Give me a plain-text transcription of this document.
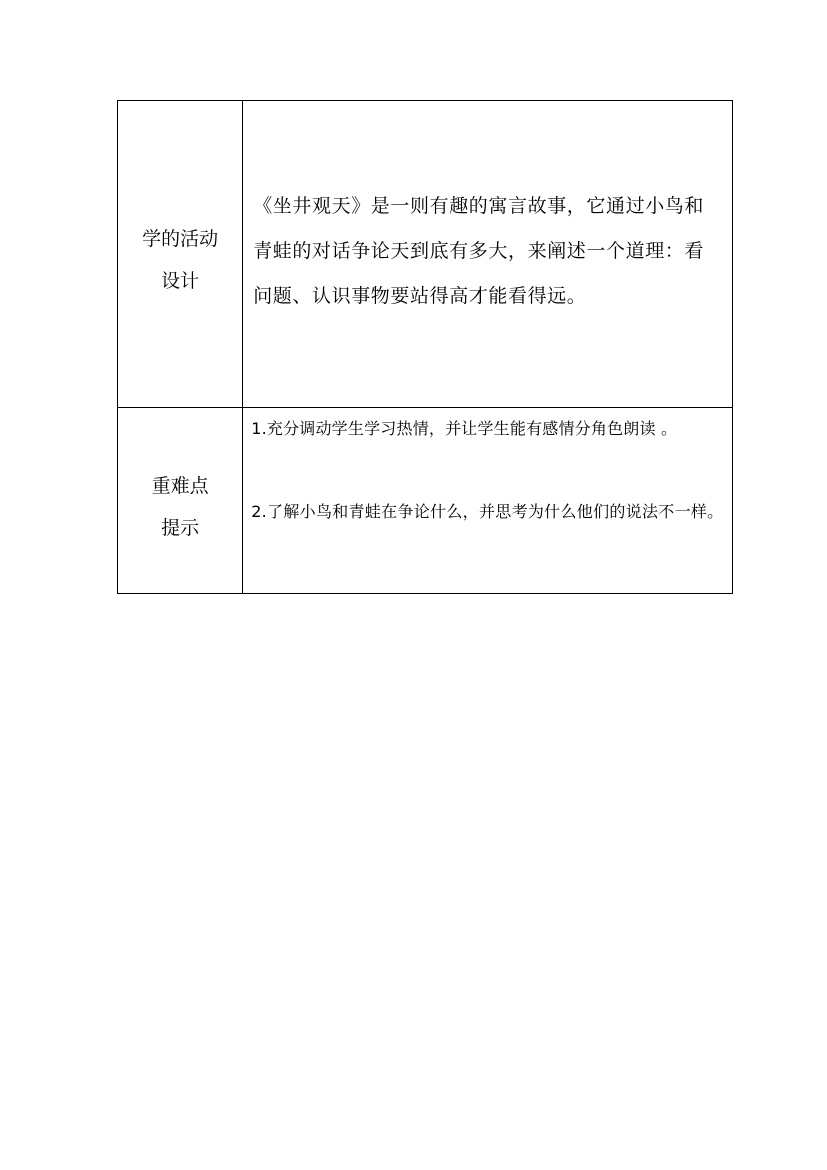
学的活动
设计	《坐井观天》是一则有趣的寓言故事，它通过小鸟和青蛙的对话争论天到底有多大，来阐述一个道理：看问题、认识事物要站得高才能看得远。

重难点
提示	1.充分调动学生学习热情，并让学生能有感情分角色朗读 。
2.了解小鸟和青蛙在争论什么，并思考为什么他们的说法不一样。
